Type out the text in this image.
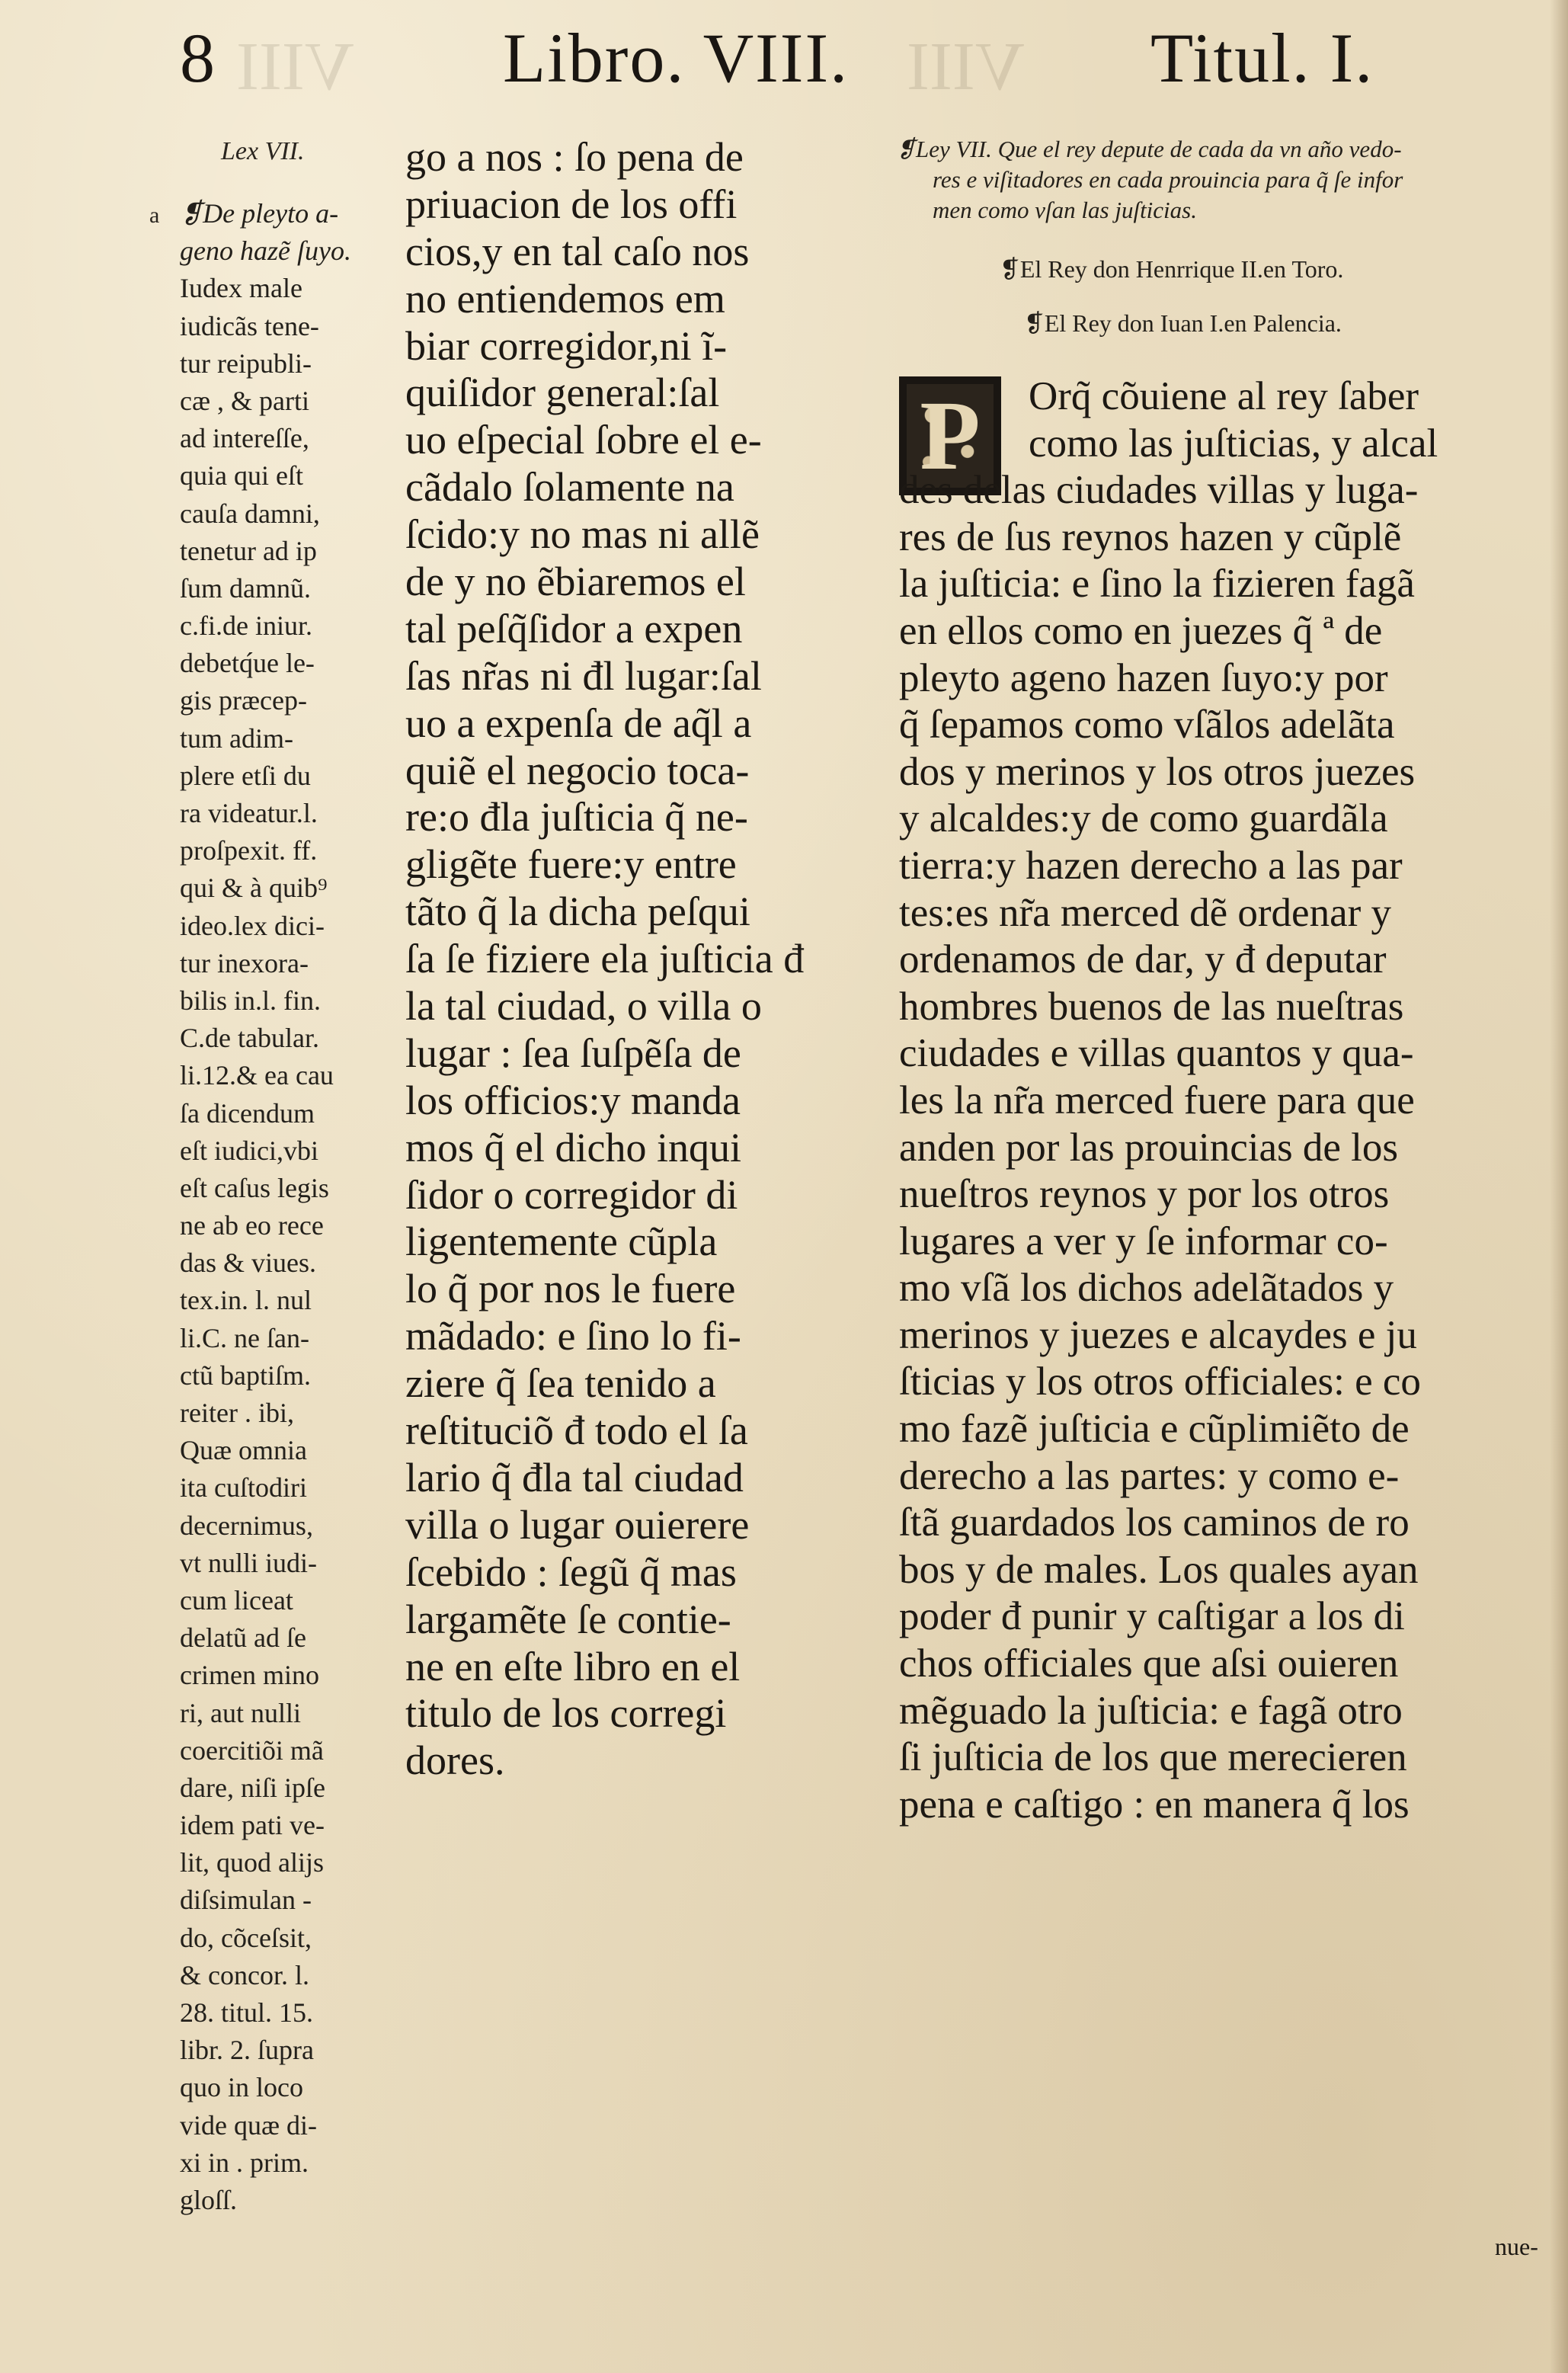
VIII	VIII
8	Libro. VIII.	Titul. I.
Lex VII.
a ❡De pleyto a-
geno hazẽ ſuyo.
Iudex male
iudicãs tene-
tur reipubli-
cæ , & parti
ad intereſſe,
quia qui eſt
cauſa damni,
tenetur ad ip
ſum damnũ.
c.fi.de iniur.
debetq́ue le-
gis præcep-
tum adim-
plere etſi du
ra videatur.l.
proſpexit. ff.
qui & à quib⁹
ideo.lex dici-
tur inexora-
bilis in.l. fin.
C.de tabular.
li.12.& ea cau
ſa dicendum
eſt iudici,vbi
eſt caſus legis
ne ab eo rece
das & viues.
tex.in. l. nul
li.C. ne ſan-
ctũ baptiſm.
reiter . ibi,
Quæ omnia
ita cuſtodiri
decernimus,
vt nulli iudi-
cum liceat
delatũ ad ſe
crimen mino
ri, aut nulli
coercitiõi mã
dare, niſi ipſe
idem pati ve-
lit, quod alijs
diſsimulan -
do, cõceſsit,
& concor. l.
28. titul. 15.
libr. 2. ſupra
quo in loco
vide quæ di-
xi in . prim.
gloſſ.
go a nos : ſo pena de
priuacion de los offi
cios,y en tal caſo nos
no entiendemos em
biar corregidor,ni ĩ-
quiſidor general:ſal
uo eſpecial ſobre el e-
cãdalo ſolamente na
ſcido:y no mas ni allẽ
de y no ẽbiaremos el
tal peſq̃ſidor a expen
ſas nr̃as ni đl lugar:ſal
uo a expenſa de aq̃l a
quiẽ el negocio toca-
re:o đla juſticia q̃ ne-
gligẽte fuere:y entre
tãto q̃ la dicha peſqui
ſa ſe fiziere ela juſticia đ
la tal ciudad, o villa o
lugar : ſea ſuſpẽſa de
los officios:y manda
mos q̃ el dicho inqui
ſidor o corregidor di
ligentemente cũpla
lo q̃ por nos le fuere
mãdado: e ſino lo fi-
ziere q̃ ſea tenido a
reſtituciõ đ todo el ſa
lario q̃ đla tal ciudad
villa o lugar ouierere
ſcebido : ſegũ q̃ mas
largamẽte ſe contie-
ne en eſte libro en el
titulo de los corregi
dores.
❡Ley VII. Que el rey depute de cada da vn año vedo-
res e viſitadores en cada prouincia para q̃ ſe infor
men como vſan las juſticias.
❡El Rey don Henrrique II.en Toro.
❡El Rey don Iuan I.en Palencia.
P	Orq̃ cõuiene al rey ſaber
como las juſticias, y alcal
des delas ciudades villas y luga-
res de ſus reynos hazen y cũplẽ
la juſticia: e ſino la fizieren fagã
en ellos como en juezes q̃ ª de
pleyto ageno hazen ſuyo:y por
q̃ ſepamos como vſãlos adelãta
dos y merinos y los otros juezes
y alcaldes:y de como guardãla
tierra:y hazen derecho a las par
tes:es nr̃a merced dẽ ordenar y
ordenamos de dar, y đ deputar
hombres buenos de las nueſtras
ciudades e villas quantos y qua-
les la nr̃a merced fuere para que
anden por las prouincias de los
nueſtros reynos y por los otros
lugares a ver y ſe informar co-
mo vſã los dichos adelãtados y
merinos y juezes e alcaydes e ju
ſticias y los otros officiales: e co
mo fazẽ juſticia e cũplimiẽto de
derecho a las partes: y como e-
ſtã guardados los caminos de ro
bos y de males. Los quales ayan
poder đ punir y caſtigar a los di
chos officiales que aſsi ouieren
mẽguado la juſticia: e fagã otro
ſi juſticia de los que merecieren
pena e caſtigo : en manera q̃ los
nue-
